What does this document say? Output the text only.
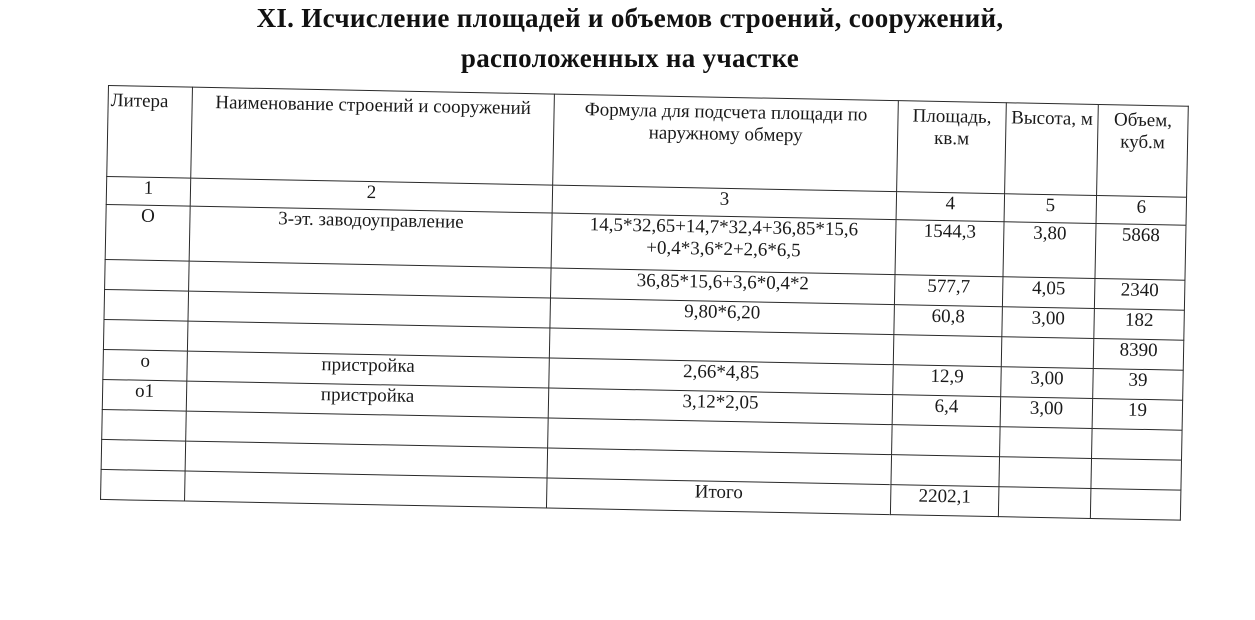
XI. Исчисление площадей и объемов строений, сооружений,
расположенных на участке
Литера	Наименование строений и сооружений	Формула для подсчета площади по наружному обмеру	Площадь, кв.м	Высота, м	Объем, куб.м
1	2	3	4	5	6
О	3-эт. заводоуправление	14,5*32,65+14,7*32,4+36,85*15,6 +0,4*3,6*2+2,6*6,5	1544,3	3,80	5868
		36,85*15,6+3,6*0,4*2	577,7	4,05	2340
		9,80*6,20	60,8	3,00	182
					8390
о	пристройка	2,66*4,85	12,9	3,00	39
о1	пристройка	3,12*2,05	6,4	3,00	19

		Итого	2202,1		
